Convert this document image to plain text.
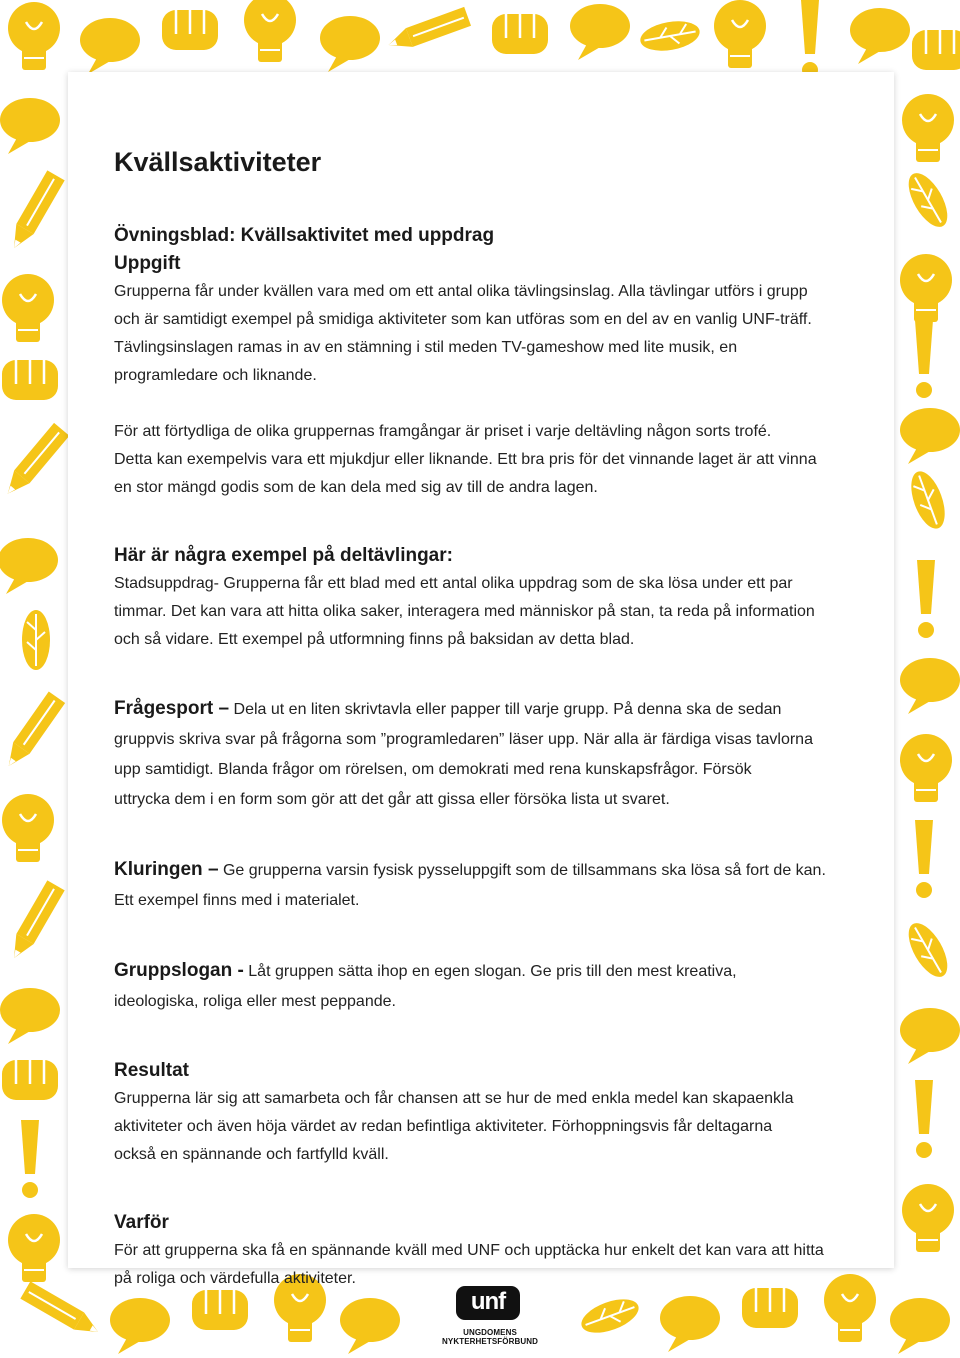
Kvällsaktiviteter
Övningsblad: Kvällsaktivitet med uppdrag
Uppgift

Grupperna får under kvällen vara med om ett antal olika tävlingsinslag. Alla tävlingar utförs i grupp

och är samtidigt exempel på smidiga aktiviteter som kan utföras som en del av en vanlig UNF-träff.

Tävlingsinslagen ramas in av en stämning i stil meden TV-gameshow med lite musik, en

programledare och liknande.

För att förtydliga de olika gruppernas framgångar är priset i varje deltävling någon sorts trofé.

Detta kan exempelvis vara ett mjukdjur eller liknande. Ett bra pris för det vinnande laget är att vinna

en stor mängd godis som de kan dela med sig av till de andra lagen.

Här är några exempel på deltävlingar:

Stadsuppdrag- Grupperna får ett blad med ett antal olika uppdrag som de ska lösa under ett par

timmar. Det kan vara att hitta olika saker, interagera med människor på stan, ta reda på information

och så vidare. Ett exempel på utformning finns på baksidan av detta blad.

Frågesport – Dela ut en liten skrivtavla eller papper till varje grupp. På denna ska de sedan

gruppvis skriva svar på frågorna som ”programledaren” läser upp. När alla är färdiga visas tavlorna

upp samtidigt. Blanda frågor om rörelsen, om demokrati med rena kunskapsfrågor. Försök

uttrycka dem i en form som gör att det går att gissa eller försöka lista ut svaret.

Kluringen – Ge grupperna varsin fysisk pysseluppgift som de tillsammans ska lösa så fort de kan.

Ett exempel finns med i materialet.

Gruppslogan - Låt gruppen sätta ihop en egen slogan. Ge pris till den mest kreativa,

ideologiska, roliga eller mest peppande.

Resultat

Grupperna lär sig att samarbeta och får chansen att se hur de med enkla medel kan skapaenkla

aktiviteter och även höja värdet av redan befintliga aktiviteter. Förhoppningsvis får deltagarna

också en spännande och fartfylld kväll.

Varför

För att grupperna ska få en spännande kväll med UNF och upptäcka hur enkelt det kan vara att hitta

på roliga och värdefulla aktiviteter.

unf
UNGDOMENS NYKTERHETSFÖRBUND
